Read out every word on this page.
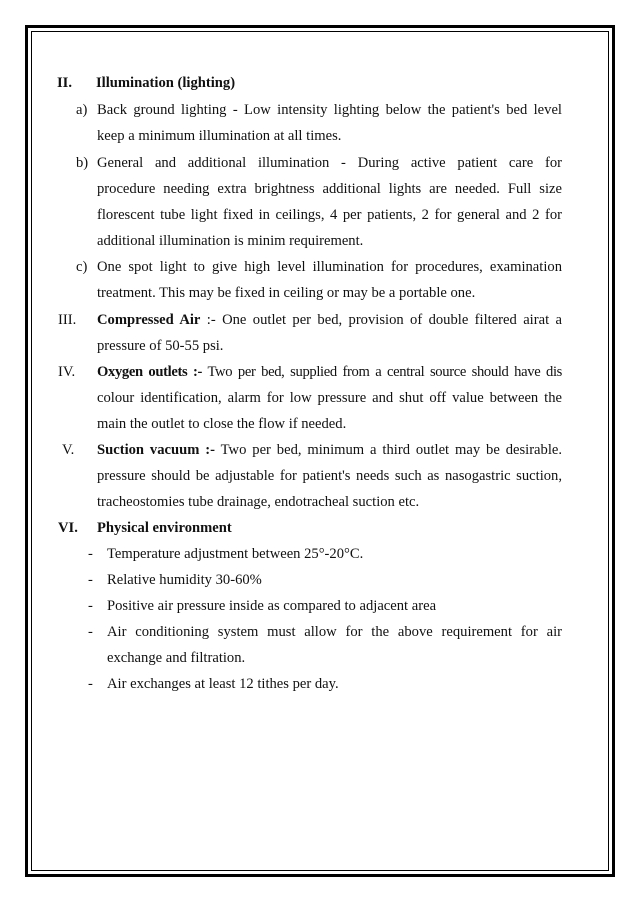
II. Illumination (lighting)
a) Back ground lighting - Low intensity lighting below the patient's bed level
keep a minimum illumination at all times.
b) General and additional illumination - During active patient care for
procedure needing extra brightness additional lights are needed. Full size
florescent tube light fixed in ceilings, 4 per patients, 2 for general and 2 for
additional illumination is minim requirement.
c) One spot light to give high level illumination for procedures, examination
treatment. This may be fixed in ceiling or may be a portable one.
III. Compressed Air :- One outlet per bed, provision of double filtered airat a
pressure of 50-55 psi.
IV. Oxygen outlets :- Two per bed, supplied from a central source should have dis
colour identification, alarm for low pressure and shut off value between the
main the outlet to close the flow if needed.
V. Suction vacuum :- Two per bed, minimum a third outlet may be desirable.
pressure should be adjustable for patient's needs such as nasogastric suction,
tracheostomies tube drainage, endotracheal suction etc.
VI. Physical environment
- Temperature adjustment between 25°-20°C.
- Relative humidity 30-60%
- Positive air pressure inside as compared to adjacent area
- Air conditioning system must allow for the above requirement for air
exchange and filtration.
- Air exchanges at least 12 tithes per day.
